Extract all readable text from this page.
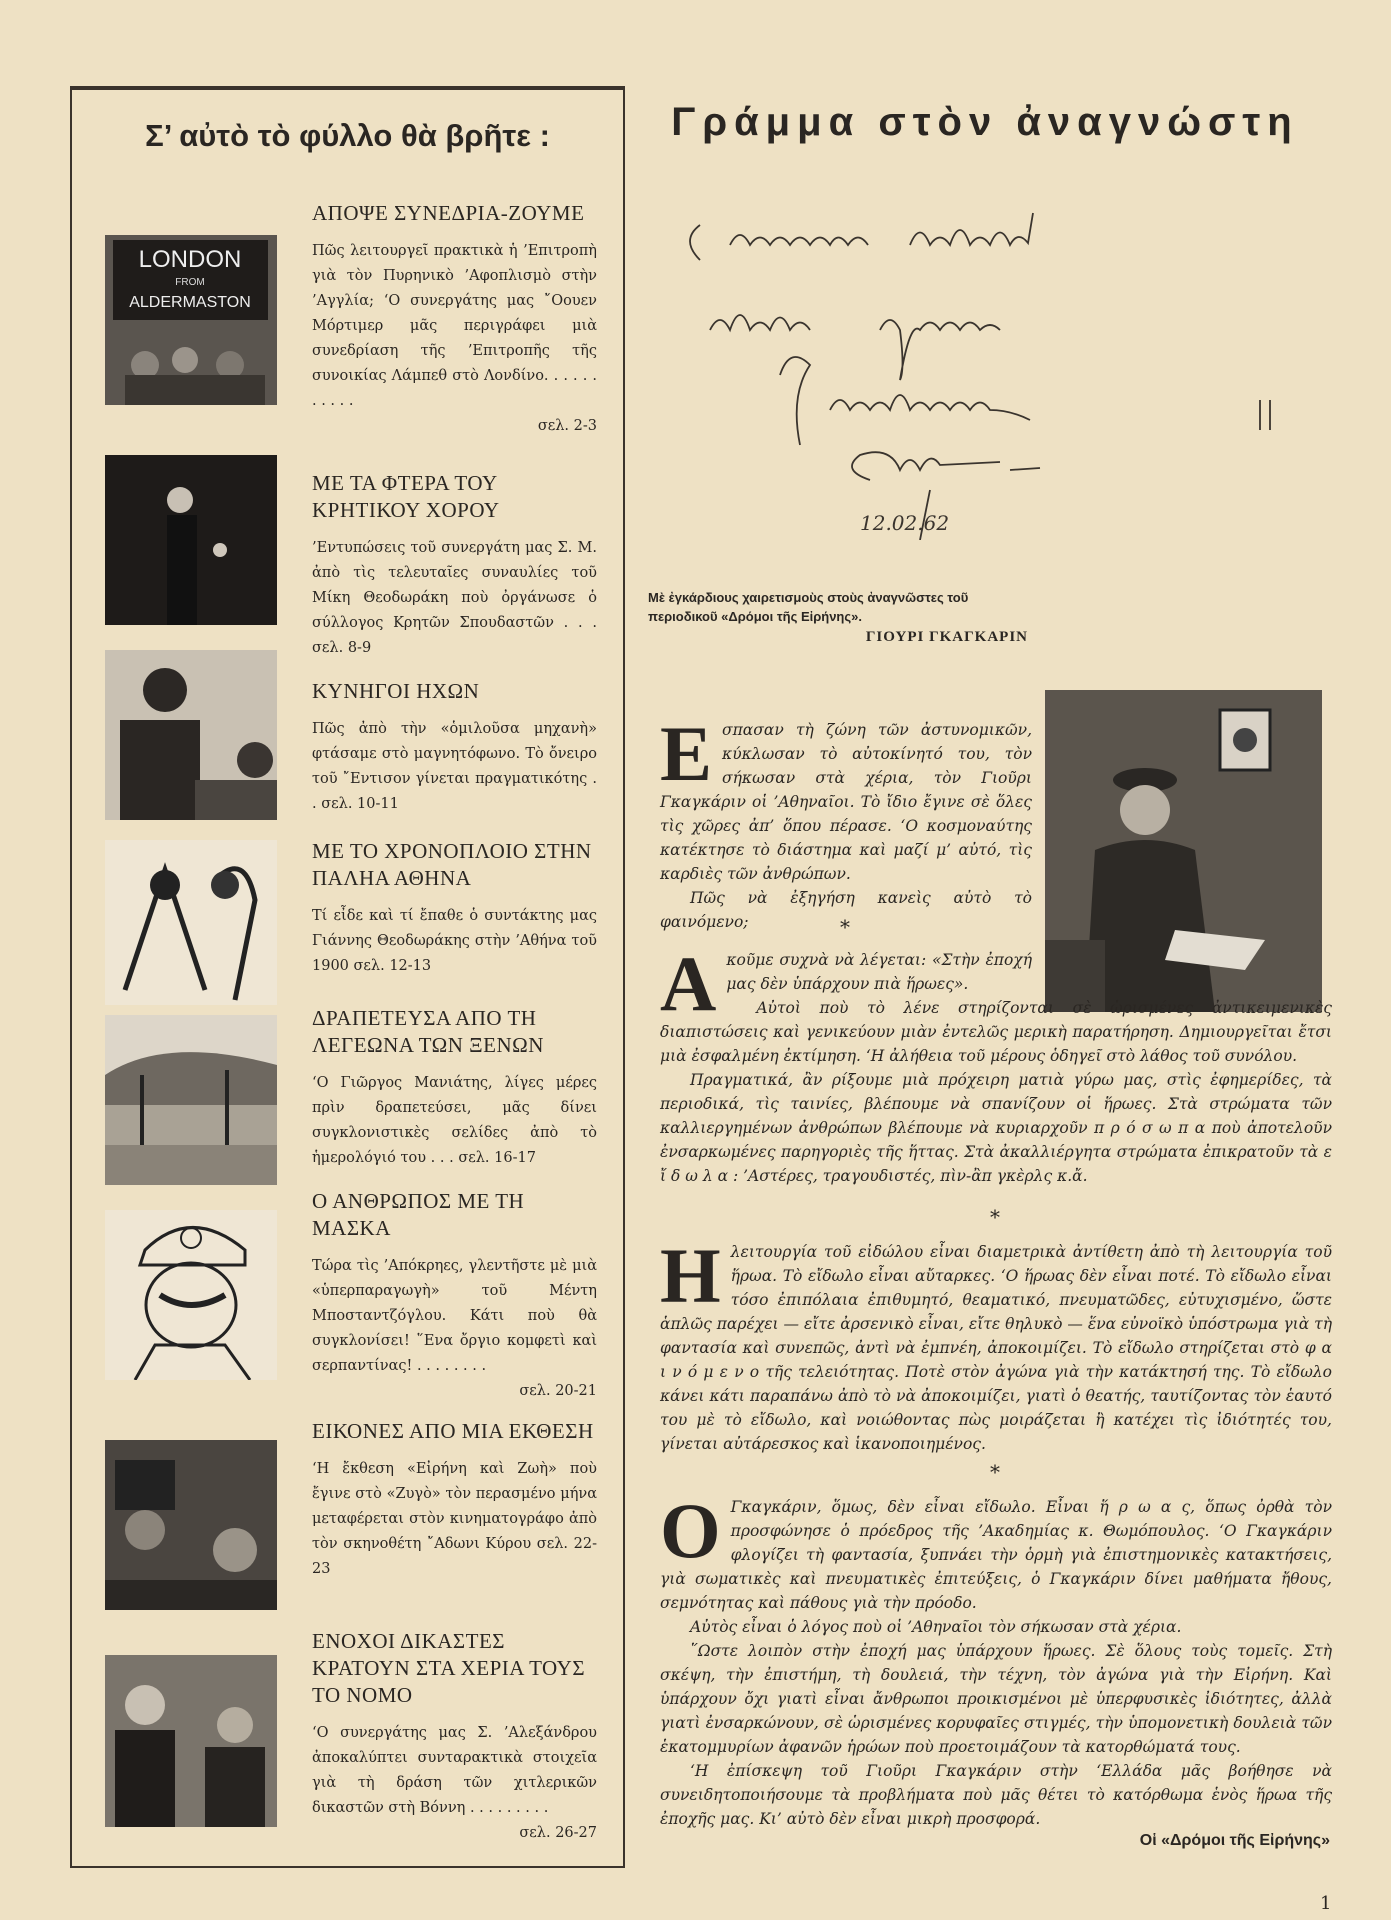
Σ’ αὐτὸ τὸ φύλλο θὰ βρῆτε :
LONDON
FROM
ALDERMASTON
ΑΠΟΨΕ ΣΥΝΕΔΡΙΑ-ΖΟΥΜΕ

Πῶς λειτουργεῖ πρακτικὰ ἡ ’Επιτροπὴ γιὰ τὸν Πυρηνικὸ ’Αφοπλισμὸ στὴν ’Αγγλία; ‘Ο συνεργάτης μας ῎Οουεν Μόρτιμερ μᾶς περιγράφει μιὰ συνεδρίαση τῆς ’Επιτροπῆς τῆς συνοικίας Λάμπεθ στὸ Λονδίνο. . . . . . . . . . .
σελ. 2-3

ΜΕ ΤΑ ΦΤΕΡΑ ΤΟΥ ΚΡΗΤΙΚΟΥ ΧΟΡΟΥ

’Εντυπώσεις τοῦ συνεργάτη μας Σ. Μ. ἀπὸ τὶς τελευταῖες συναυλίες τοῦ Μίκη Θεοδωράκη ποὺ ὀργάνωσε ὁ σύλλογος Κρητῶν Σπουδαστῶν . . . σελ. 8-9

ΚΥΝΗΓΟΙ ΗΧΩΝ

Πῶς ἀπὸ τὴν «ὁμιλοῦσα μηχανὴ» φτάσαμε στὸ μαγνητόφωνο. Τὸ ὄνειρο τοῦ ῎Εντισον γίνεται πραγματικότης . . σελ. 10-11

ΜΕ ΤΟ ΧΡΟΝΟΠΛΟΙΟ ΣΤΗΝ ΠΑΛΗΑ ΑΘΗΝΑ

Τί εἶδε καὶ τί ἔπαθε ὁ συντάκτης μας Γιάννης Θεοδωράκης στὴν ’Αθήνα τοῦ 1900 σελ. 12-13

ΔΡΑΠΕΤΕΥΣΑ ΑΠΟ ΤΗ ΛΕΓΕΩΝΑ ΤΩΝ ΞΕΝΩΝ

‘Ο Γιῶργος Μανιάτης, λίγες μέρες πρὶν δραπετεύσει, μᾶς δίνει συγκλονιστικὲς σελίδες ἀπὸ τὸ ἡμερολόγιό του . . . σελ. 16-17

Ο ΑΝΘΡΩΠΟΣ ΜΕ ΤΗ ΜΑΣΚΑ

Τώρα τὶς ’Απόκρηες, γλεντῆστε μὲ μιὰ «ὑπερπαραγωγὴ» τοῦ Μέντη Μποσταντζόγλου. Κάτι ποὺ θὰ συγκλονίσει! ῞Ενα ὄργιο κομφετὶ καὶ σερπαντίνας! . . . . . . . .
σελ. 20-21

ΕΙΚΟΝΕΣ ΑΠΟ ΜΙΑ ΕΚΘΕΣΗ

‘Η ἔκθεση «Εἰρήνη καὶ Ζωὴ» ποὺ ἔγινε στὸ «Ζυγὸ» τὸν περασμένο μήνα μεταφέρεται στὸν κινηματογράφο ἀπὸ τὸν σκηνοθέτη ῎Αδωνι Κύρου σελ. 22-23

ΕΝΟΧΟΙ ΔΙΚΑΣΤΕΣ ΚΡΑΤΟΥΝ ΣΤΑ ΧΕΡΙΑ ΤΟΥΣ ΤΟ ΝΟΜΟ

‘Ο συνεργάτης μας Σ. ’Αλεξάνδρου ἀποκαλύπτει συνταρακτικὰ στοιχεῖα γιὰ τὴ δράση τῶν χιτλερικῶν δικαστῶν στὴ Βόννη . . . . . . . . .
σελ. 26-27

Γράμμα στὸν ἀναγνώστη
12.02.62
Μὲ ἐγκάρδιους χαιρετισμοὺς στοὺς ἀναγνῶστες τοῦ περιοδικοῦ «Δρόμοι τῆς Εἰρήνης».
ΓΙΟΥΡΙ ΓΚΑΓΚΑΡΙΝ

Εσπασαν τὴ ζώνη τῶν ἀστυνομικῶν, κύκλωσαν τὸ αὐτοκίνητό του, τὸν σήκωσαν στὰ χέρια, τὸν Γιοῦρι Γκαγκάριν οἱ ’Αθηναῖοι. Τὸ ἴδιο ἔγινε σὲ ὅλες τὶς χῶρες ἀπ’ ὅπου πέρασε. ‘Ο κοσμοναύτης κατέκτησε τὸ διάστημα καὶ μαζί μ’ αὐτό, τὶς καρδιὲς τῶν ἀνθρώπων.

Πῶς νὰ ἐξηγήση κανεὶς αὐτὸ τὸ φαινόμενο;	*

Ακοῦμε συχνὰ νὰ λέγεται: «Στὴν ἐποχή μας δὲν ὑπάρχουν πιὰ ἥρωες».

Αὐτοὶ ποὺ τὸ λένε στηρίζονται σὲ ὡρισμένες ἀντικειμενικὲς διαπιστώσεις καὶ γενικεύουν μιὰν ἐντελῶς μερικὴ παρατήρηση. Δημιουργεῖται ἔτσι μιὰ ἐσφαλμένη ἐκτίμηση. ‘Η ἀλήθεια τοῦ μέρους ὁδηγεῖ στὸ λάθος τοῦ συνόλου.

Πραγματικά, ἂν ρίξουμε μιὰ πρόχειρη ματιὰ γύρω μας, στὶς ἐφημερίδες, τὰ περιοδικά, τὶς ταινίες, βλέπουμε νὰ σπανίζουν οἱ ἥρωες. Στὰ στρώματα τῶν καλλιεργημένων ἀνθρώπων βλέπουμε νὰ κυριαρχοῦν π ρ ό σ ω π α ποὺ ἀποτελοῦν ἐνσαρκωμένες παρηγοριὲς τῆς ἥττας. Στὰ ἀκαλλιέργητα στρώματα ἐπικρατοῦν τὰ ε ἴ δ ω λ α : ’Αστέρες, τραγουδιστές, πὶν-ἂπ γκὲρλς κ.ἄ.

*

Ηλειτουργία τοῦ εἰδώλου εἶναι διαμετρικὰ ἀντίθετη ἀπὸ τὴ λειτουργία τοῦ ἥρωα. Τὸ εἴδωλο εἶναι αὔταρκες. ‘Ο ἥρωας δὲν εἶναι ποτέ. Τὸ εἴδωλο εἶναι τόσο ἐπιπόλαια ἐπιθυμητό, θεαματικό, πνευματῶδες, εὐτυχισμένο, ὥστε ἁπλῶς παρέχει — εἴτε ἀρσενικὸ εἶναι, εἴτε θηλυκὸ — ἕνα εὐνοϊκὸ ὑπόστρωμα γιὰ τὴ φαντασία καὶ συνεπῶς, ἀντὶ νὰ ἐμπνέη, ἀποκοιμίζει. Τὸ εἴδωλο στηρίζεται στὸ φ α ι ν ό μ ε ν ο τῆς τελειότητας. Ποτὲ στὸν ἀγώνα γιὰ τὴν κατάκτησή της. Τὸ εἴδωλο κάνει κάτι παραπάνω ἀπὸ τὸ νὰ ἀποκοιμίζει, γιατὶ ὁ θεατής, ταυτίζοντας τὸν ἑαυτό του μὲ τὸ εἴδωλο, καὶ νοιώθοντας πὼς μοιράζεται ἢ κατέχει τὶς ἰδιότητές του, γίνεται αὐτάρεσκος καὶ ἱκανοποιημένος.

*

Ο Γκαγκάριν, ὅμως, δὲν εἶναι εἴδωλο. Εἶναι ἥ ρ ω α ς, ὅπως ὀρθὰ τὸν προσφώνησε ὁ πρόεδρος τῆς ’Ακαδημίας κ. Θωμόπουλος. ‘Ο Γκαγκάριν φλογίζει τὴ φαντασία, ξυπνάει τὴν ὁρμὴ γιὰ ἐπιστημονικὲς κατακτήσεις, γιὰ σωματικὲς καὶ πνευματικὲς ἐπιτεύξεις, ὁ Γκαγκάριν δίνει μαθήματα ἤθους, σεμνότητας καὶ πάθους γιὰ τὴν πρόοδο.

Αὐτὸς εἶναι ὁ λόγος ποὺ οἱ ’Αθηναῖοι τὸν σήκωσαν στὰ χέρια.

῞Ωστε λοιπὸν στὴν ἐποχή μας ὑπάρχουν ἥρωες. Σὲ ὅλους τοὺς τομεῖς. Στὴ σκέψη, τὴν ἐπιστήμη, τὴ δουλειά, τὴν τέχνη, τὸν ἀγώνα γιὰ τὴν Εἰρήνη. Καὶ ὑπάρχουν ὄχι γιατὶ εἶναι ἄνθρωποι προικισμένοι μὲ ὑπερφυσικὲς ἰδιότητες, ἀλλὰ γιατὶ ἐνσαρκώνουν, σὲ ὡρισμένες κορυφαῖες στιγμές, τὴν ὑπομονετικὴ δουλειὰ τῶν ἑκατομμυρίων ἀφανῶν ἡρώων ποὺ προετοιμάζουν τὰ κατορθώματά τους.

‘Η ἐπίσκεψη τοῦ Γιοῦρι Γκαγκάριν στὴν ‘Ελλάδα μᾶς βοήθησε νὰ συνειδητοποιήσουμε τὰ προβλήματα ποὺ μᾶς θέτει τὸ κατόρθωμα ἑνὸς ἥρωα τῆς ἐποχῆς μας. Κι’ αὐτὸ δὲν εἶναι μικρὴ προσφορά.

Οἱ «Δρόμοι τῆς Εἰρήνης»
1
